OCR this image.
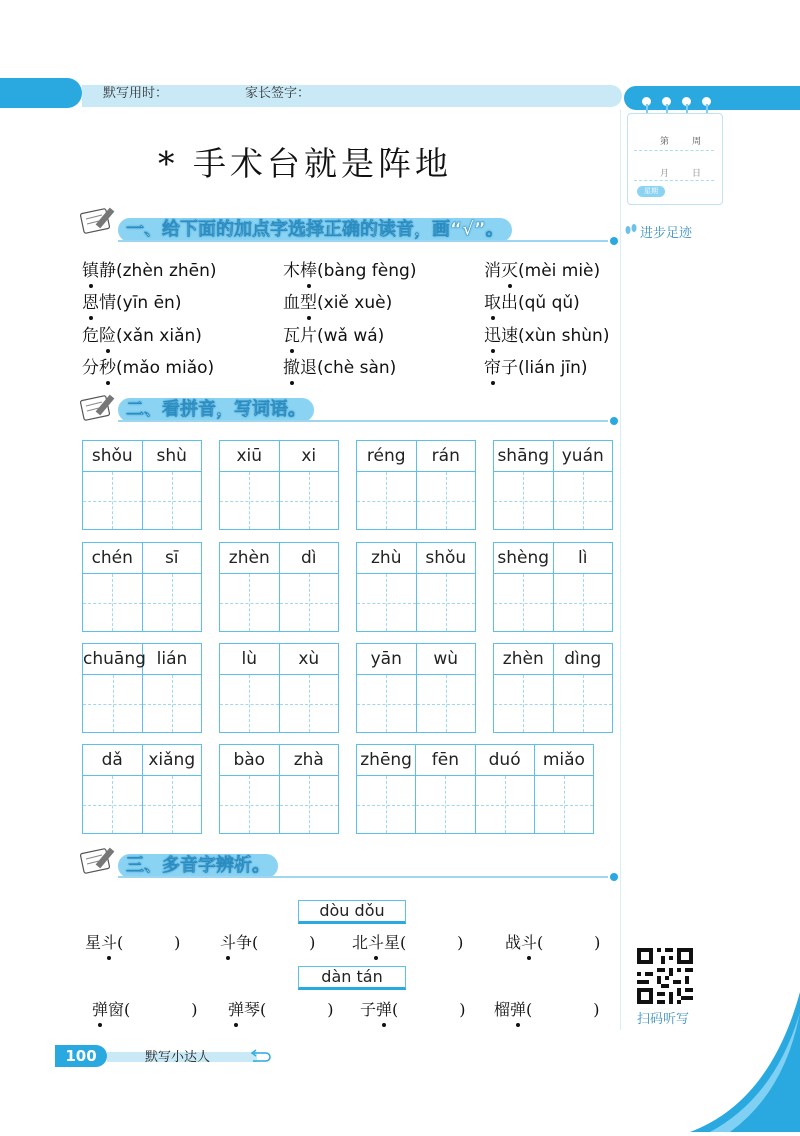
默写用时：	家长签字：
第	周
月	日
星期
进步足迹
* 手术台就是阵地
一、给下面的加点字选择正确的读音，画“√”。
镇静(zhèn zhēn)	木棒(bàng fèng)	消灭(mèi miè)
恩情(yīn ēn)	血型(xiě xuè)	取出(qǔ qǔ)
危险(xǎn xiǎn)	瓦片(wǎ wá)	迅速(xùn shùn)
分秒(mǎo miǎo)	撤退(chè sàn)	帘子(lián jīn)
二、看拼音，写词语。
shǒu	shù	xiū	xi	réng	rán	shāng yuán
chén	sī	zhèn	dì	zhù	shǒu	shèng	lì
chuāng lián	lù	xù	yān	wù	zhèn	dìng
dǎ	xiǎng	bào	zhà	zhēng	fēn	duó	miǎo
三、多音字辨析。
dòu dǒu
星斗(          ) 斗争(          ) 北斗星(          )	战斗(          )
dàn tán
弹窗(            ) 弹琴(            ) 子弹(            ) 榴弹(            )
扫码听写
100	默写小达人
